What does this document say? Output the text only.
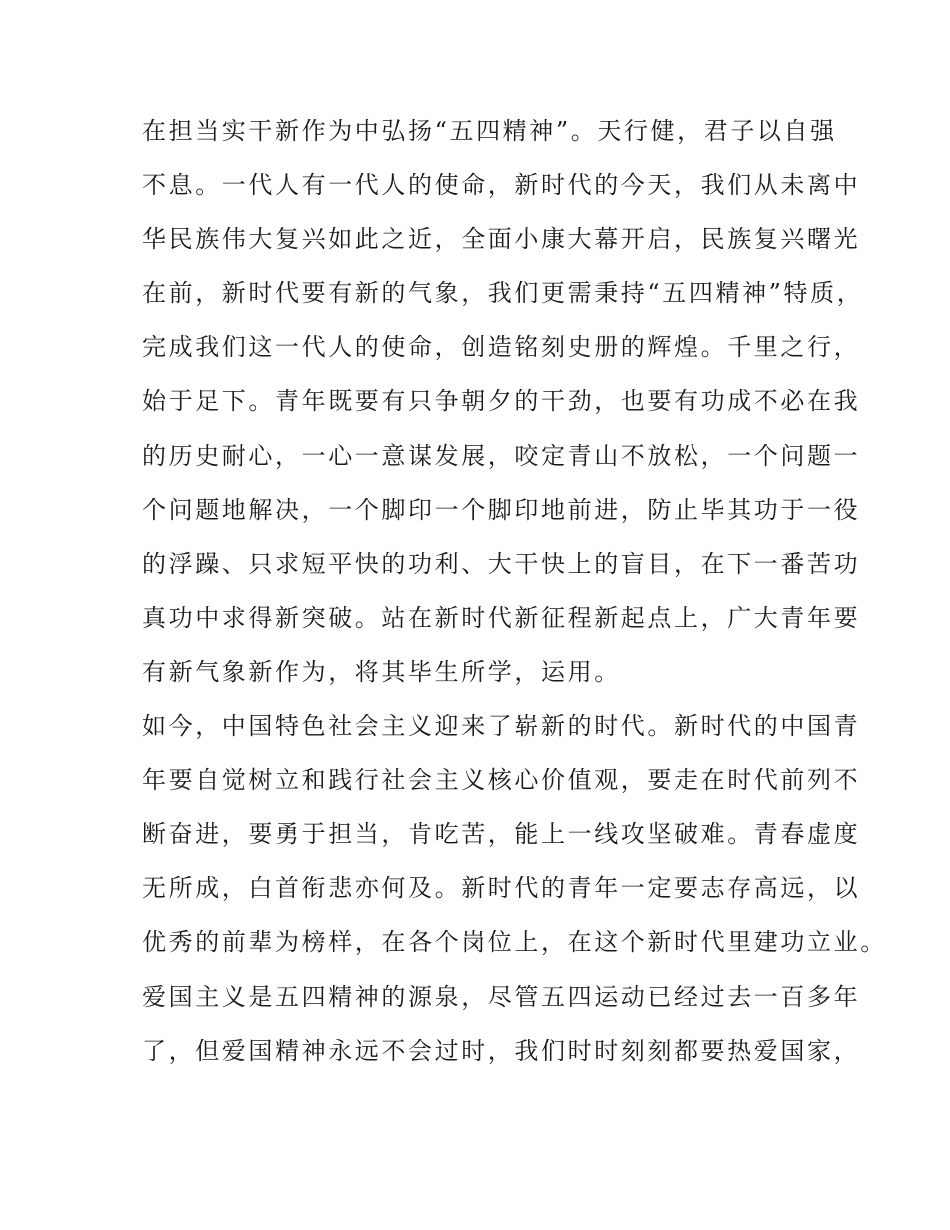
在担当实干新作为中弘扬“五四精神”。天行健，君子以自强
不息。一代人有一代人的使命，新时代的今天，我们从未离中
华民族伟大复兴如此之近，全面小康大幕开启，民族复兴曙光
在前，新时代要有新的气象，我们更需秉持“五四精神”特质，
完成我们这一代人的使命，创造铭刻史册的辉煌。千里之行，
始于足下。青年既要有只争朝夕的干劲，也要有功成不必在我
的历史耐心，一心一意谋发展，咬定青山不放松，一个问题一
个问题地解决，一个脚印一个脚印地前进，防止毕其功于一役
的浮躁、只求短平快的功利、大干快上的盲目，在下一番苦功
真功中求得新突破。站在新时代新征程新起点上，广大青年要
有新气象新作为，将其毕生所学，运用。
如今，中国特色社会主义迎来了崭新的时代。新时代的中国青
年要自觉树立和践行社会主义核心价值观，要走在时代前列不
断奋进，要勇于担当，肯吃苦，能上一线攻坚破难。青春虚度
无所成，白首衔悲亦何及。新时代的青年一定要志存高远，以
优秀的前辈为榜样，在各个岗位上，在这个新时代里建功立业。
爱国主义是五四精神的源泉，尽管五四运动已经过去一百多年
了，但爱国精神永远不会过时，我们时时刻刻都要热爱国家，
